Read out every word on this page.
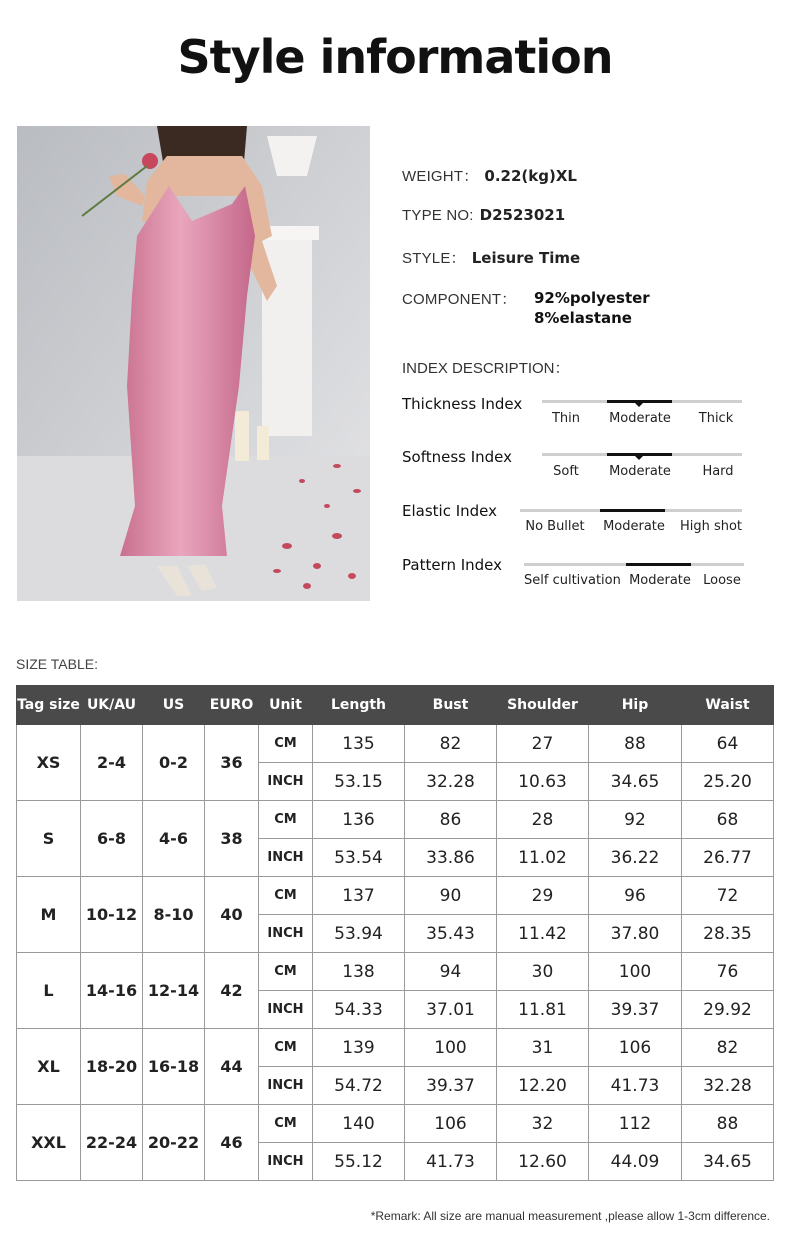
Style information
WEIGHT： 0.22(kg)XL
TYPE NO: D2523021
STYLE： Leisure Time
COMPONENT： 92%polyester
8%elastane
INDEX DESCRIPTION：
Thickness Index
Thin	Moderate	Thick
Softness Index
Soft	Moderate	Hard
Elastic Index
No Bullet	Moderate	High shot
Pattern Index
Self cultivation Moderate Loose
SIZE TABLE:
Tag size	UK/AU	US	EURO	Unit	Length	Bust	Shoulder	Hip	Waist
XS	2-4	0-2	36	CM	135	82	27	88	64
				INCH	53.15	32.28	10.63	34.65	25.20
S	6-8	4-6	38	CM	136	86	28	92	68
				INCH	53.54	33.86	11.02	36.22	26.77
M	10-12	8-10	40	CM	137	90	29	96	72
				INCH	53.94	35.43	11.42	37.80	28.35
L	14-16	12-14	42	CM	138	94	30	100	76
				INCH	54.33	37.01	11.81	39.37	29.92
XL	18-20	16-18	44	CM	139	100	31	106	82
				INCH	54.72	39.37	12.20	41.73	32.28
XXL	22-24	20-22	46	CM	140	106	32	112	88
				INCH	55.12	41.73	12.60	44.09	34.65
*Remark: All size are manual measurement ,please allow 1-3cm difference.
